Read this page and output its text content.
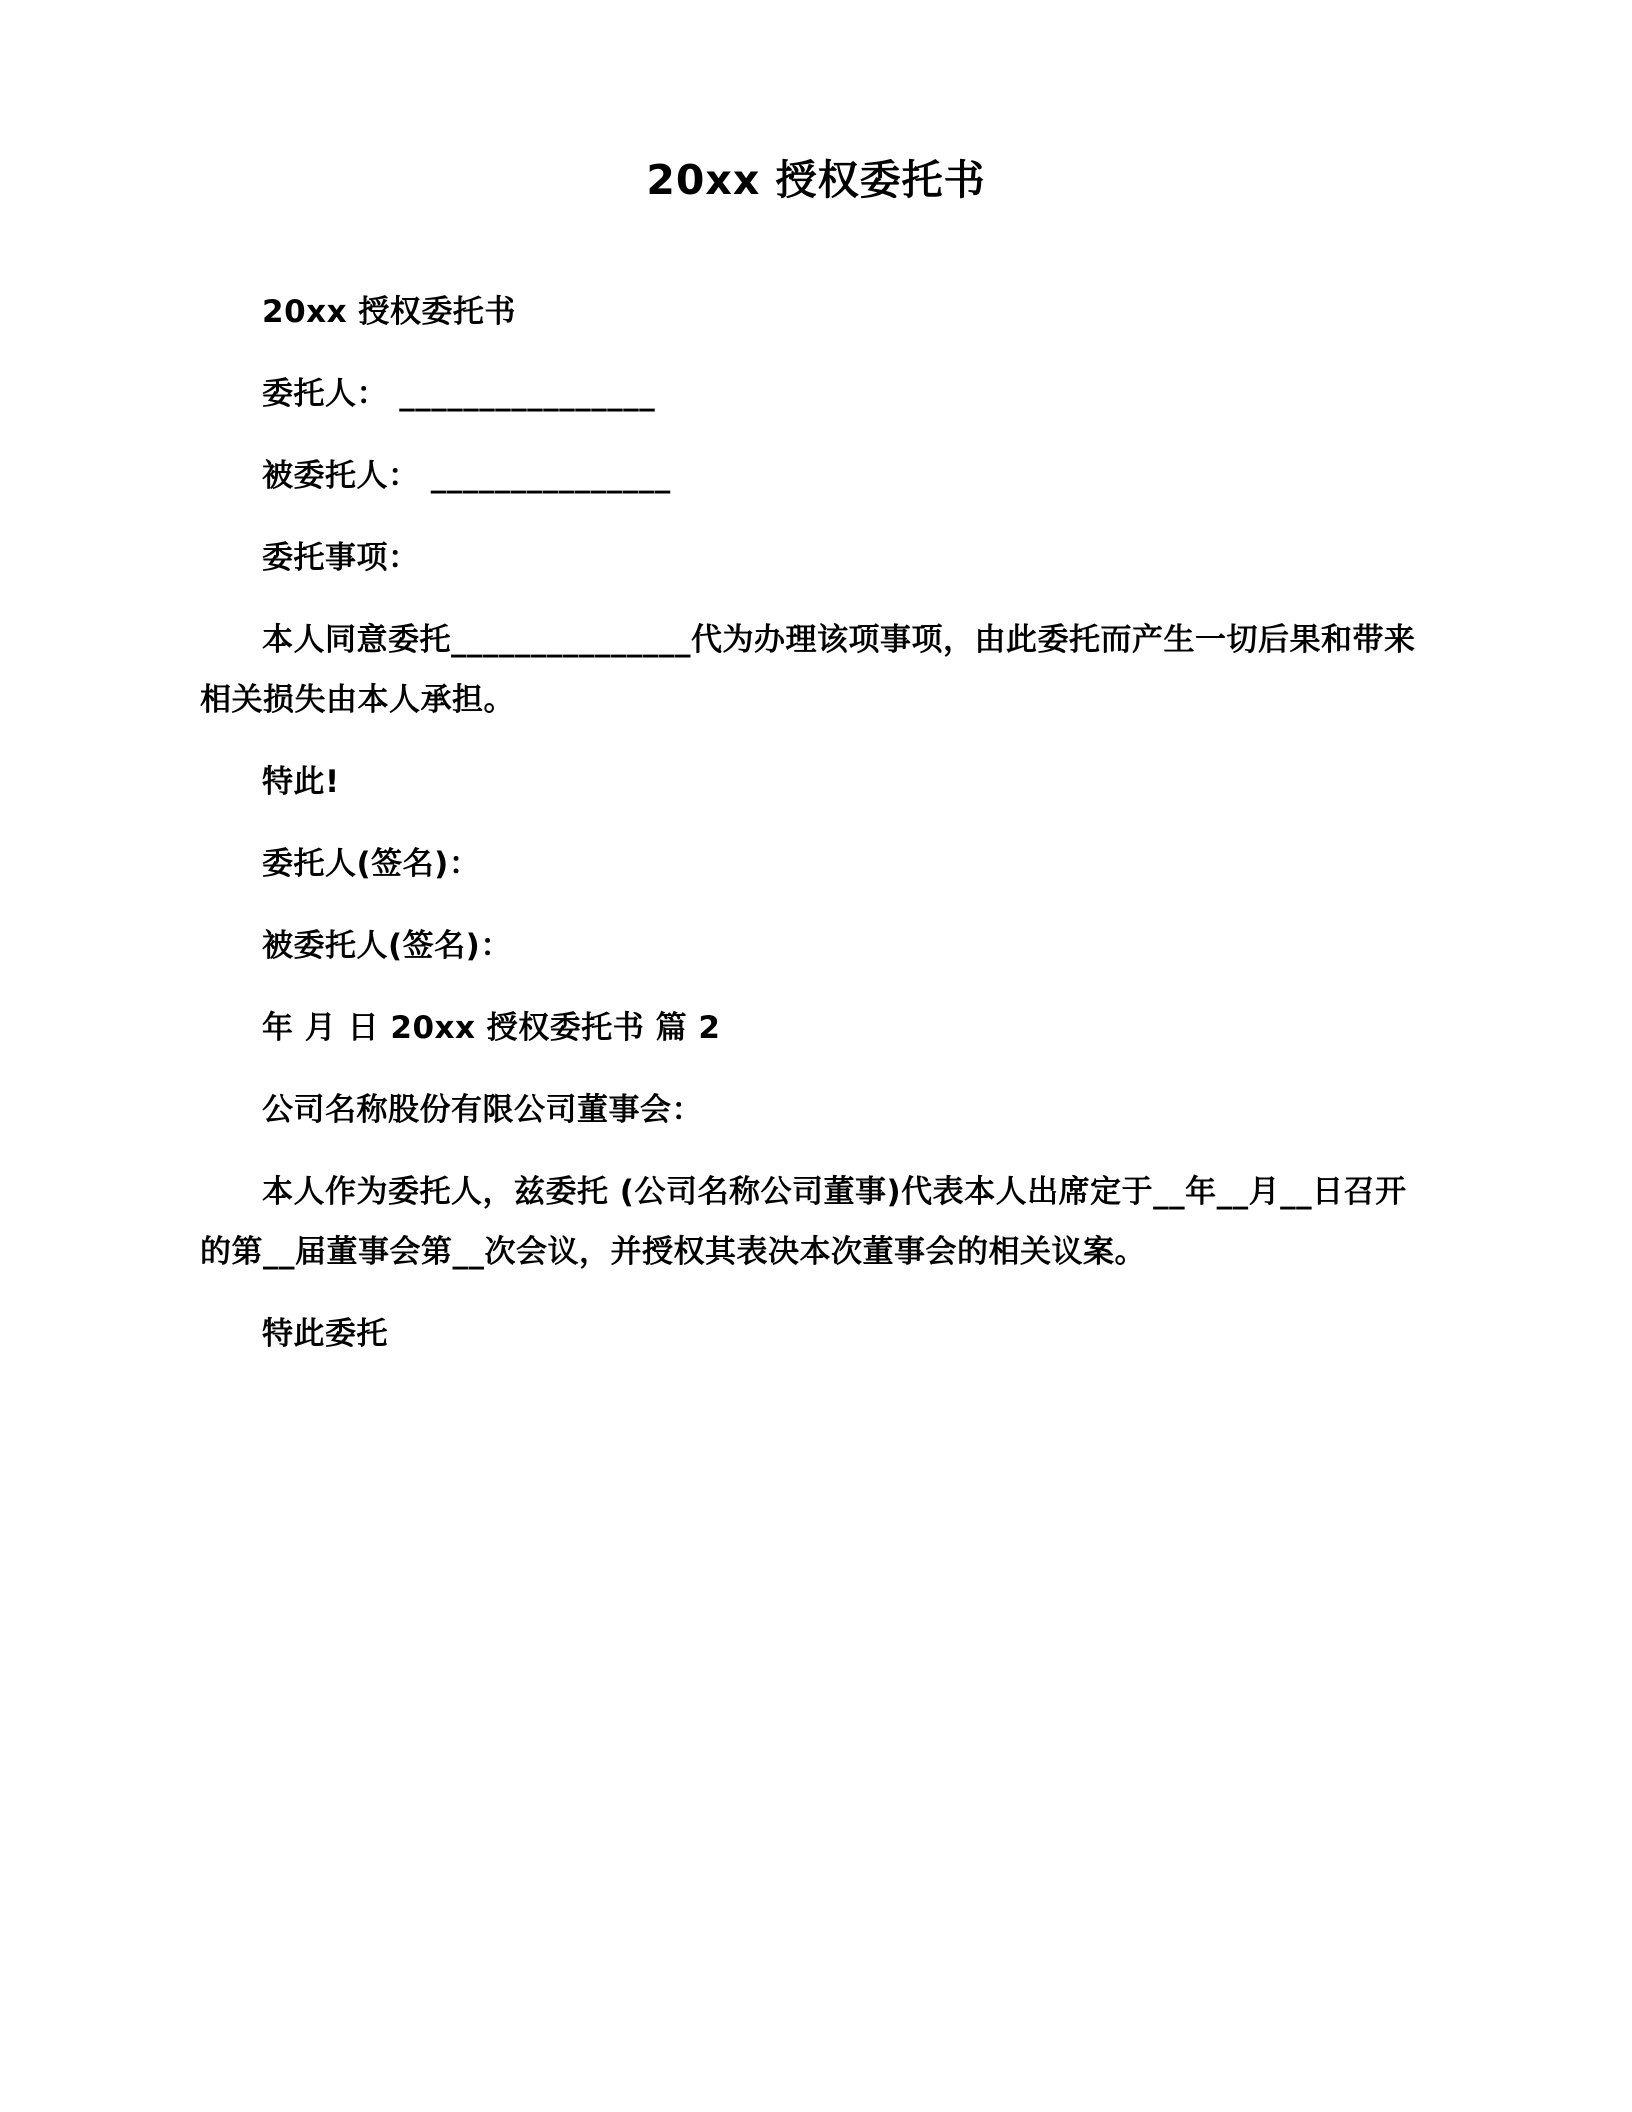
20xx 授权委托书

20xx 授权委托书

委托人： ________________

被委托人： _______________

委托事项：

本人同意委托_______________代为办理该项事项，由此委托而产生一切后果和带来相关损失由本人承担。

特此!

委托人(签名)：

被委托人(签名)：

年 月 日 20xx 授权委托书 篇 2

公司名称股份有限公司董事会：

本人作为委托人，兹委托 (公司名称公司董事)代表本人出席定于__年__月__日召开的第__届董事会第__次会议，并授权其表决本次董事会的相关议案。

特此委托
